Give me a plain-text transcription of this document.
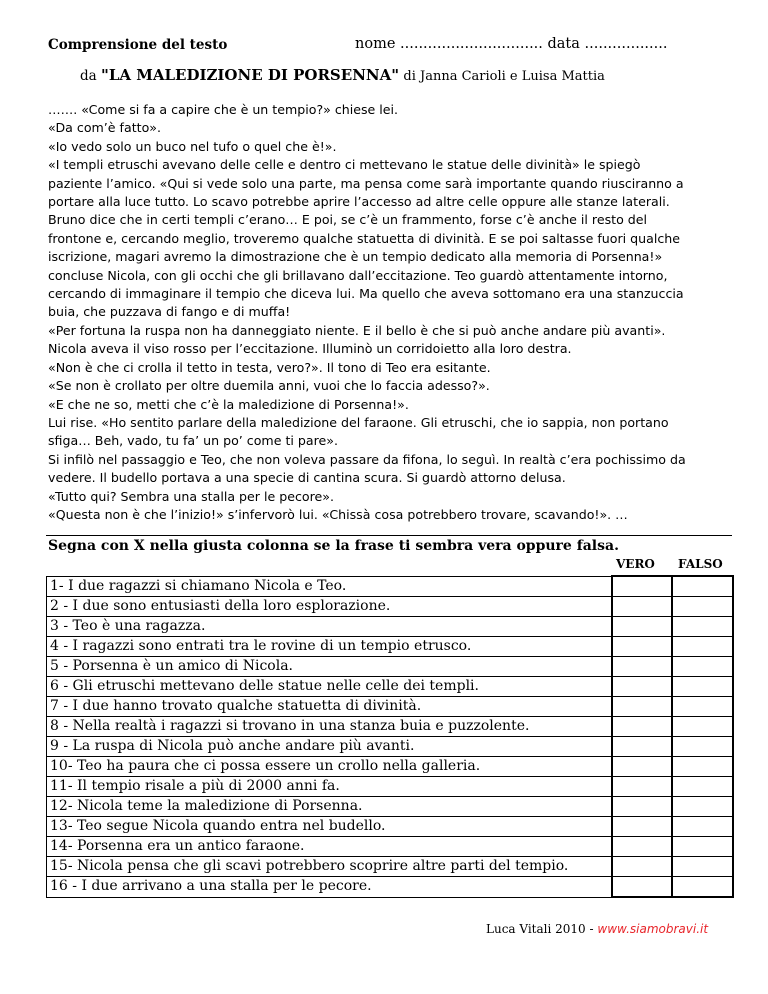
Comprensione del testo	nome ............................... data ..................
da "LA MALEDIZIONE DI PORSENNA" di Janna Carioli e Luisa Mattia
……. «Come si fa a capire che è un tempio?» chiese lei.
«Da com’è fatto».
«Io vedo solo un buco nel tufo o quel che è!».
«I templi etruschi avevano delle celle e dentro ci mettevano le statue delle divinità» le spiegò
paziente l’amico. «Qui si vede solo una parte, ma pensa come sarà importante quando riusciranno a
portare alla luce tutto. Lo scavo potrebbe aprire l’accesso ad altre celle oppure alle stanze laterali.
Bruno dice che in certi templi c’erano… E poi, se c’è un frammento, forse c’è anche il resto del
frontone e, cercando meglio, troveremo qualche statuetta di divinità. E se poi saltasse fuori qualche
iscrizione, magari avremo la dimostrazione che è un tempio dedicato alla memoria di Porsenna!»
concluse Nicola, con gli occhi che gli brillavano dall’eccitazione. Teo guardò attentamente intorno,
cercando di immaginare il tempio che diceva lui. Ma quello che aveva sottomano era una stanzuccia
buia, che puzzava di fango e di muffa!
«Per fortuna la ruspa non ha danneggiato niente. E il bello è che si può anche andare più avanti».
Nicola aveva il viso rosso per l’eccitazione. Illuminò un corridoietto alla loro destra.
«Non è che ci crolla il tetto in testa, vero?». Il tono di Teo era esitante.
«Se non è crollato per oltre duemila anni, vuoi che lo faccia adesso?».
«E che ne so, metti che c’è la maledizione di Porsenna!».
Lui rise. «Ho sentito parlare della maledizione del faraone. Gli etruschi, che io sappia, non portano
sfiga… Beh, vado, tu fa’ un po’ come ti pare».
Si infilò nel passaggio e Teo, che non voleva passare da fifona, lo seguì. In realtà c’era pochissimo da
vedere. Il budello portava a una specie di cantina scura. Si guardò attorno delusa.
«Tutto qui? Sembra una stalla per le pecore».
«Questa non è che l’inizio!» s’infervorò lui. «Chissà cosa potrebbero trovare, scavando!». …
Segna con X nella giusta colonna se la frase ti sembra vera oppure falsa.
VERO FALSO
1- I due ragazzi si chiamano Nicola e Teo.		
2 - I due sono entusiasti della loro esplorazione.		
3 - Teo è una ragazza.		
4 - I ragazzi sono entrati tra le rovine di un tempio etrusco.		
5 - Porsenna è un amico di Nicola.		
6 - Gli etruschi mettevano delle statue nelle celle dei templi.		
7 - I due hanno trovato qualche statuetta di divinità.		
8 - Nella realtà i ragazzi si trovano in una stanza buia e puzzolente.		
9 - La ruspa di Nicola può anche andare più avanti.		
10- Teo ha paura che ci possa essere un crollo nella galleria.		
11- Il tempio risale a più di 2000 anni fa.		
12- Nicola teme la maledizione di Porsenna.		
13- Teo segue Nicola quando entra nel budello.		
14- Porsenna era un antico faraone.		
15- Nicola pensa che gli scavi potrebbero scoprire altre parti del tempio.		
16 - I due arrivano a una stalla per le pecore.		
Luca Vitali 2010 - www.siamobravi.it
